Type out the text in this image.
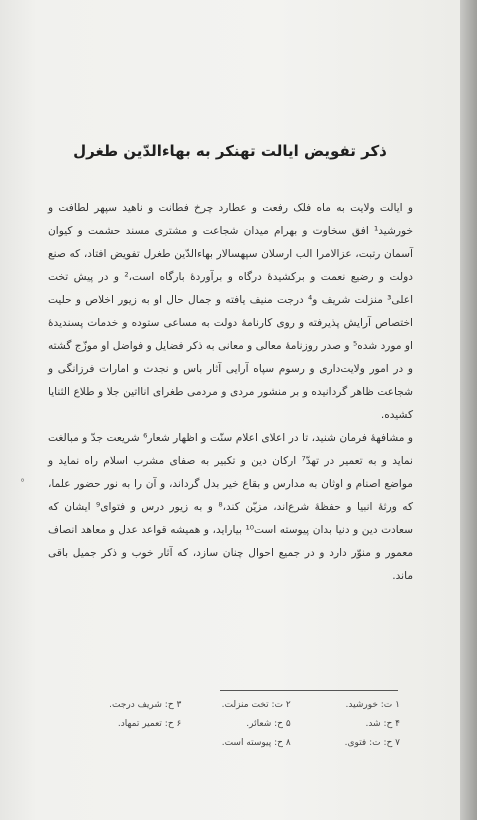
ذکر تفویض ایالت تهنکر به بهاءالدّین طغرل

و ایالت ولایت به ماه فلک رفعت و عطارد چرخ فطانت و ناهید سپهر لطافت و خورشید¹ افق سخاوت و بهرام میدان شجاعت و مشتری مسند حشمت و کیوان آسمان رتبت، عزالامرا الب ارسلان سپهسالار بهاءالدّین طغرل تفویض افتاد، که صنع دولت و رضیع نعمت و برکشیدهٔ درگاه و برآوردهٔ بارگاه است،² و در پیش تخت اعلی³ منزلت شریف و⁴ درجت منیف یافته و جمال حال او به زیور اخلاص و حلیت اختصاص آرایش پذیرفته و روی کارنامهٔ دولت به مساعی ستوده و خدمات پسندیدهٔ او مورد شده⁵ و صدر روزنامهٔ معالی و معانی به ذکر فضایل و فواضل او موزّج گشته و در امور ولایت‌داری و رسوم سپاه آرایی آثار باس و نجدت و امارات فرزانگی و شجاعت ظاهر گردانیده و بر منشور مردی و مردمی طغرای انااتین جلا و طلاع الثنایا کشیده.

و مشافههٔ فرمان شنید، تا در اعلای اعلام سنّت و اظهار شعار⁶ شریعت جدّ و مبالغت نماید و به تعمیر در تهدّ⁷ ارکان دین و تکبیر به صفای مشرب اسلام راه نماید و مواضع اصنام و اوثان به مدارس و بقاع خیر بدل گرداند، و آن را به نور حضور علما، که ورثهٔ انبیا و حفظهٔ شرع‌اند، مزیّن کند،⁸ و به زیور درس و فتوای⁹ ایشان که سعادت دین و دنیا بدان پیوسته است¹⁰ بیاراید، و همیشه قواعد عدل و معاهد انصاف معمور و منوّر دارد و در جمیع احوال چنان سازد، که آثار خوب و ذکر جمیل باقی ماند.

°
۱ ت: خورشید.
۲ ت: تخت منزلت.
۳ ح: شریف درجت.
۴ ح: شد.
۵ ح: شعائر.
۶ ح: تعمیر تمهاد.
۷ ح: ت: فتوی.
۸ ح: پیوسته است.
